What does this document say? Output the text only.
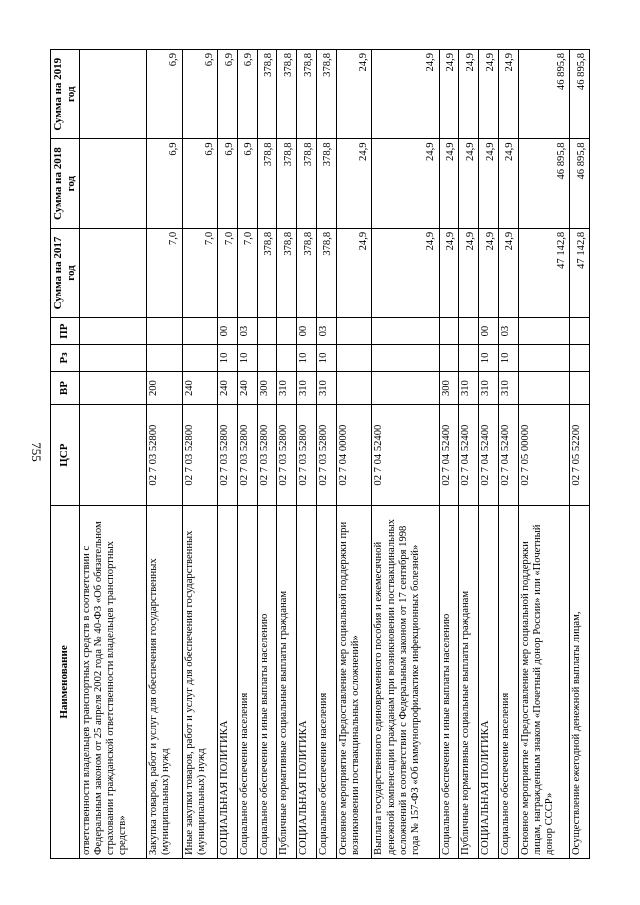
755
Наименование	ЦСР	ВР	Рз	ПР	Сумма на 2017 год	Сумма на 2018 год	Сумма на 2019 год
ответственности владельцев транспортных средств в соответствии с Федеральным законом от 25 апреля 2002 года № 40-ФЗ «Об обязательном страховании гражданской ответственности владельцев транспортных средств»							
Закупка товаров, работ и услуг для обеспечения государственных (муниципальных) нужд	02 7 03 52800	200			7,0	6,9	6,9
Иные закупки товаров, работ и услуг для обеспечения государственных (муниципальных) нужд	02 7 03 52800	240			7,0	6,9	6,9
СОЦИАЛЬНАЯ ПОЛИТИКА	02 7 03 52800	240	10	00	7,0	6,9	6,9
Социальное обеспечение населения	02 7 03 52800	240	10	03	7,0	6,9	6,9
Социальное обеспечение и иные выплаты населению	02 7 03 52800	300			378,8	378,8	378,8
Публичные нормативные социальные выплаты гражданам	02 7 03 52800	310			378,8	378,8	378,8
СОЦИАЛЬНАЯ ПОЛИТИКА	02 7 03 52800	310	10	00	378,8	378,8	378,8
Социальное обеспечение населения	02 7 03 52800	310	10	03	378,8	378,8	378,8
Основное мероприятие «Предоставление мер социальной поддержки при возникновении поствакцинальных осложнений»	02 7 04 00000				24,9	24,9	24,9
Выплата государственного единовременного пособия и ежемесячной денежной компенсации гражданам при возникновении поствакцинальных осложнений в соответствии с Федеральным законом от 17 сентября 1998 года № 157-ФЗ «Об иммунопрофилактике инфекционных болезней»	02 7 04 52400				24,9	24,9	24,9
Социальное обеспечение и иные выплаты населению	02 7 04 52400	300			24,9	24,9	24,9
Публичные нормативные социальные выплаты гражданам	02 7 04 52400	310			24,9	24,9	24,9
СОЦИАЛЬНАЯ ПОЛИТИКА	02 7 04 52400	310	10	00	24,9	24,9	24,9
Социальное обеспечение населения	02 7 04 52400	310	10	03	24,9	24,9	24,9
Основное мероприятие «Предоставление мер социальной поддержки лицам, награжденным знаком «Почетный донор России» или «Почетный донор СССР»	02 7 05 00000				47 142,8	46 895,8	46 895,8
Осуществление ежегодной денежной выплаты лицам,	02 7 05 52200				47 142,8	46 895,8	46 895,8
